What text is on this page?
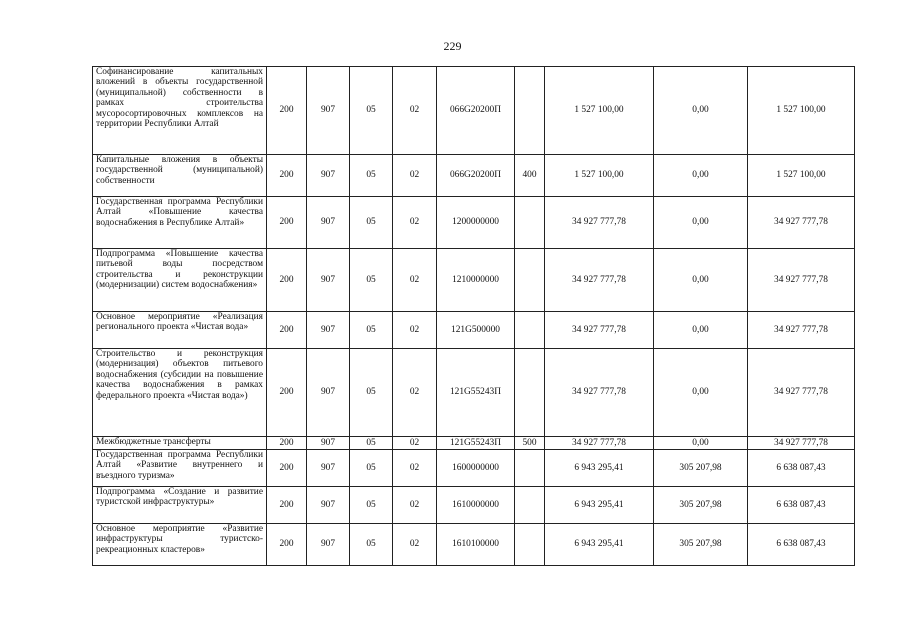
229
Софинансирование капитальных вложений в объекты государственной (муниципальной) собственности в рамках строительства мусоросортировочных комплексов на территории Республики Алтай	200	907	05	02	066G20200П		1 527 100,00	0,00	1 527 100,00
Капитальные вложения в объекты государственной (муниципальной) собственности	200	907	05	02	066G20200П	400	1 527 100,00	0,00	1 527 100,00
Государственная программа Республики Алтай «Повышение качества водоснабжения в Республике Алтай»	200	907	05	02	1200000000		34 927 777,78	0,00	34 927 777,78
Подпрограмма «Повышение качества питьевой воды посредством строительства и реконструкции (модернизации) систем водоснабжения»	200	907	05	02	1210000000		34 927 777,78	0,00	34 927 777,78
Основное мероприятие «Реализация регионального проекта «Чистая вода»	200	907	05	02	121G500000		34 927 777,78	0,00	34 927 777,78
Строительство и реконструкция (модернизация) объектов питьевого водоснабжения (субсидии на повышение качества водоснабжения в рамках федерального проекта «Чистая вода»)	200	907	05	02	121G55243П		34 927 777,78	0,00	34 927 777,78
Межбюджетные трансферты	200	907	05	02	121G55243П	500	34 927 777,78	0,00	34 927 777,78
Государственная программа Республики Алтай «Развитие внутреннего и въездного туризма»	200	907	05	02	1600000000		6 943 295,41	305 207,98	6 638 087,43
Подпрограмма «Создание и развитие туристской инфраструктуры»	200	907	05	02	1610000000		6 943 295,41	305 207,98	6 638 087,43
Основное мероприятие «Развитие инфраструктуры туристско-рекреационных кластеров»	200	907	05	02	1610100000		6 943 295,41	305 207,98	6 638 087,43
